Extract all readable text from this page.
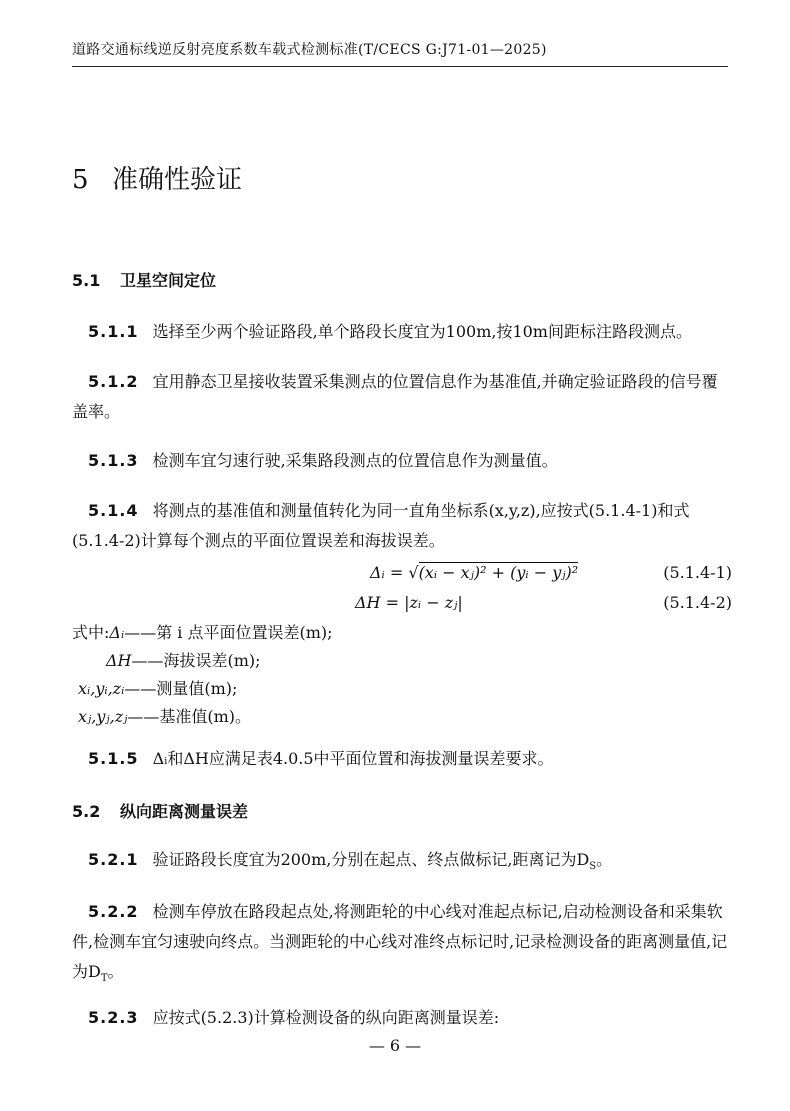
道路交通标线逆反射亮度系数车载式检测标准(T/CECS G:J71-01—2025)
5 准确性验证
5.1 卫星空间定位
5.1.1 选择至少两个验证路段,单个路段长度宜为100m,按10m间距标注路段测点。
5.1.2 宜用静态卫星接收装置采集测点的位置信息作为基准值,并确定验证路段的信号覆盖率。
5.1.3 检测车宜匀速行驶,采集路段测点的位置信息作为测量值。
5.1.4 将测点的基准值和测量值转化为同一直角坐标系(x,y,z),应按式(5.1.4-1)和式(5.1.4-2)计算每个测点的平面位置误差和海拔误差。
Δᵢ = √(xᵢ − xⱼ)² + (yᵢ − yⱼ)²	(5.1.4-1)
ΔH = |zᵢ − zⱼ|	(5.1.4-2)
式中:Δᵢ——第 i 点平面位置误差(m);
ΔH——海拔误差(m);
xᵢ,yᵢ,zᵢ——测量值(m);
xⱼ,yⱼ,zⱼ——基准值(m)。
5.1.5 Δᵢ和ΔH应满足表4.0.5中平面位置和海拔测量误差要求。
5.2 纵向距离测量误差
5.2.1 验证路段长度宜为200m,分别在起点、终点做标记,距离记为$D_S$。
5.2.2 检测车停放在路段起点处,将测距轮的中心线对准起点标记,启动检测设备和采集软件,检测车宜匀速驶向终点。当测距轮的中心线对准终点标记时,记录检测设备的距离测量值,记为$D_T$。
5.2.3 应按式(5.2.3)计算检测设备的纵向距离测量误差:
— 6 —
